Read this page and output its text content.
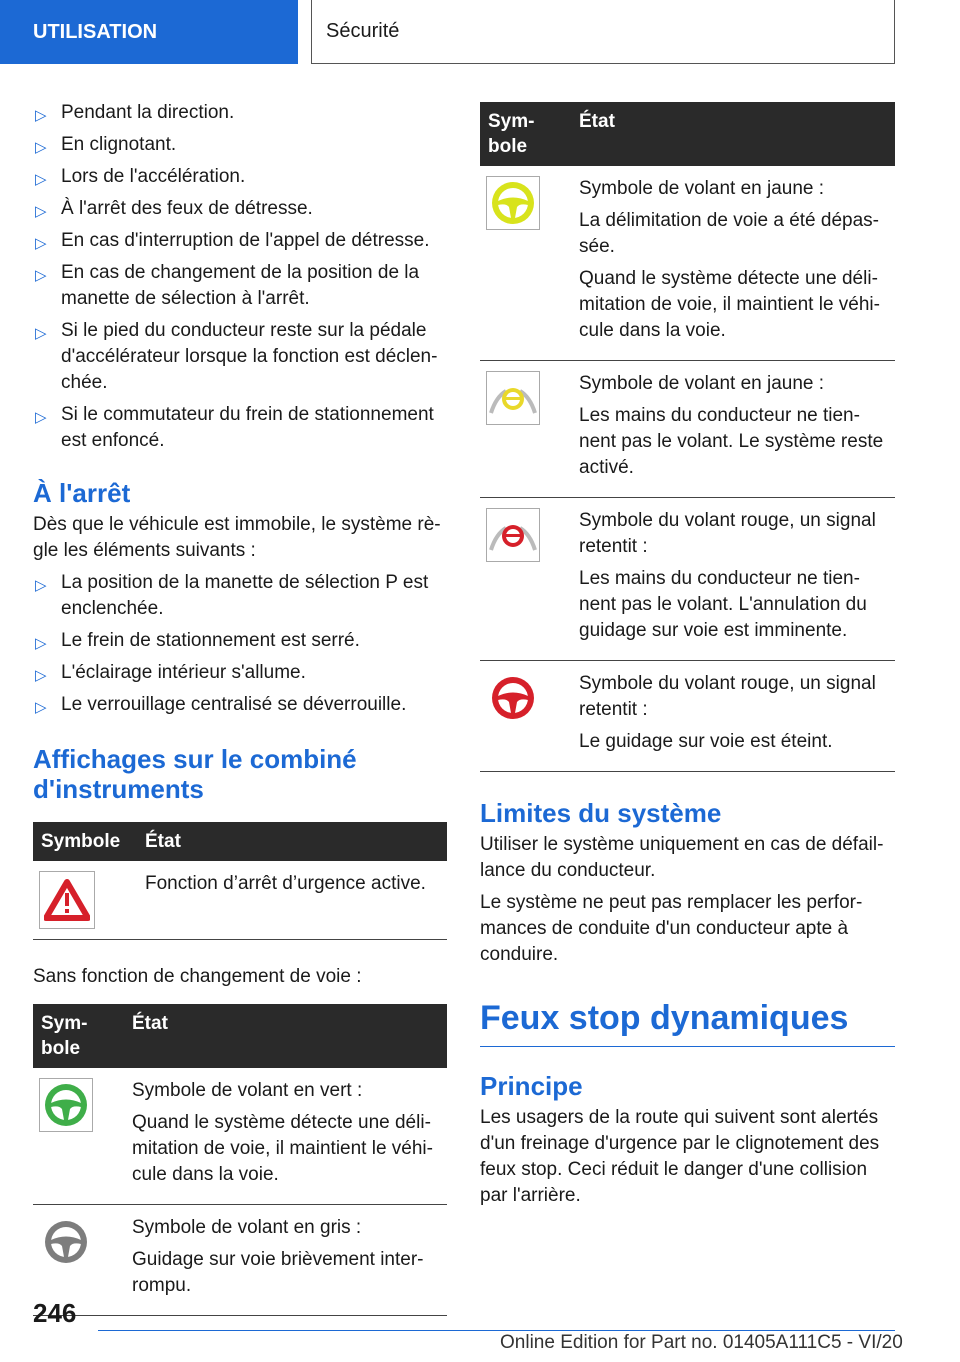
UTILISATION	Sécurité
▷ Pendant la direction.
▷ En clignotant.
▷ Lors de l'accélération.
▷ À l'arrêt des feux de détresse.
▷ En cas d'interruption de l'appel de détresse.
▷ En cas de changement de la position de la manette de sélection à l'arrêt.
▷ Si le pied du conducteur reste sur la pédale d'accélérateur lorsque la fonction est déclen‐chée.
▷ Si le commutateur du frein de stationnement est enfoncé.
À l'arrêt

Dès que le véhicule est immobile, le système rè‐gle les éléments suivants :

▷ La position de la manette de sélection P est enclenchée.
▷ Le frein de stationnement est serré.
▷ L'éclairage intérieur s'allume.
▷ Le verrouillage centralisé se déverrouille.
Affichages sur le combiné d'instruments
Symbole	État

Fonction d’arrêt d’urgence active.

Sans fonction de changement de voie :

Sym‐bole	État

Symbole de volant en vert :

Quand le système détecte une déli‐mitation de voie, il maintient le véhi‐cule dans la voie.

Symbole de volant en gris :

Guidage sur voie brièvement inter‐rompu.

Sym‐bole	État

Symbole de volant en jaune :

La délimitation de voie a été dépas‐sée.

Quand le système détecte une déli‐mitation de voie, il maintient le véhi‐cule dans la voie.

Symbole de volant en jaune :

Les mains du conducteur ne tien‐nent pas le volant. Le système reste activé.

Symbole du volant rouge, un signal retentit :

Les mains du conducteur ne tien‐nent pas le volant. L'annulation du guidage sur voie est imminente.

Symbole du volant rouge, un signal retentit :

Le guidage sur voie est éteint.

Limites du système

Utiliser le système uniquement en cas de défail‐lance du conducteur.

Le système ne peut pas remplacer les perfor‐mances de conduite d'un conducteur apte à conduire.

Feux stop dynamiques
Principe

Les usagers de la route qui suivent sont alertés d'un freinage d'urgence par le clignotement des feux stop. Ceci réduit le danger d'une collision par l'arrière.

246
Online Edition for Part no. 01405A111C5 - VI/20
